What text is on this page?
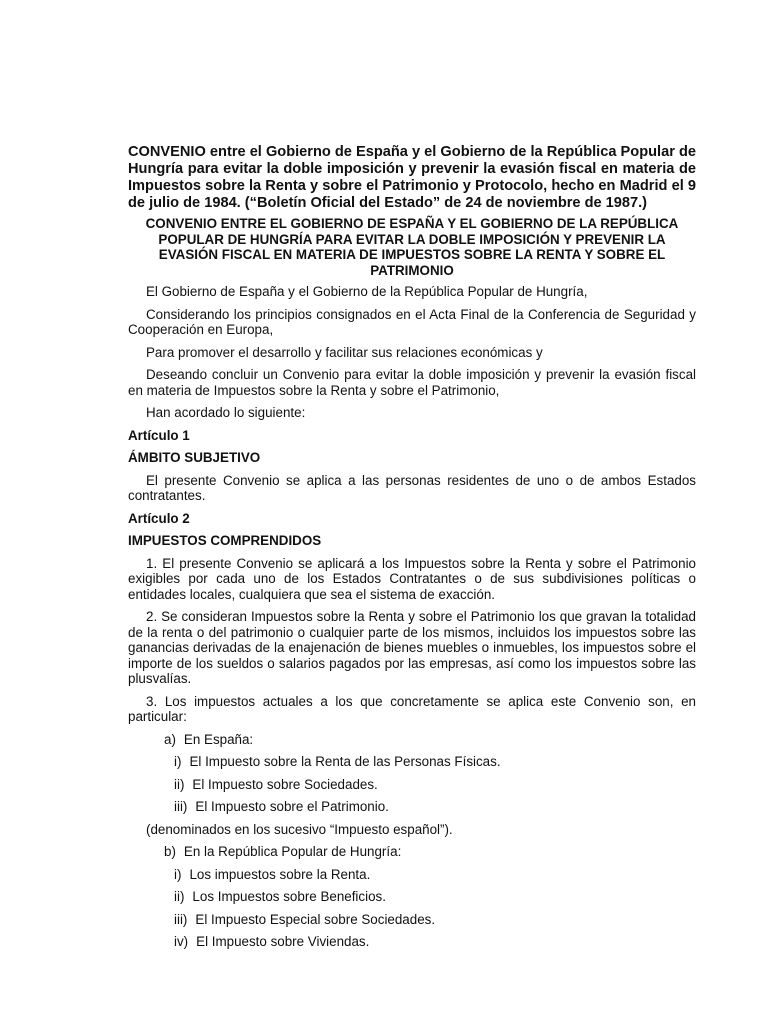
CONVENIO entre el Gobierno de España y el Gobierno de la República Popular de Hungría para evitar la doble imposición y prevenir la evasión fiscal en materia de Impuestos sobre la Renta y sobre el Patrimonio y Protocolo, hecho en Madrid el 9 de julio de 1984. (“Boletín Oficial del Estado” de 24 de noviembre de 1987.)
CONVENIO ENTRE EL GOBIERNO DE ESPAÑA Y EL GOBIERNO DE LA REPÚBLICA POPULAR DE HUNGRÍA PARA EVITAR LA DOBLE IMPOSICIÓN Y PREVENIR LA EVASIÓN FISCAL EN MATERIA DE IMPUESTOS SOBRE LA RENTA Y SOBRE EL PATRIMONIO

El Gobierno de España y el Gobierno de la República Popular de Hungría,

Considerando los principios consignados en el Acta Final de la Conferencia de Seguridad y Cooperación en Europa,

Para promover el desarrollo y facilitar sus relaciones económicas y

Deseando concluir un Convenio para evitar la doble imposición y prevenir la evasión fiscal en materia de Impuestos sobre la Renta y sobre el Patrimonio,

Han acordado lo siguiente:

Artículo 1

ÁMBITO SUBJETIVO

El presente Convenio se aplica a las personas residentes de uno o de ambos Estados contratantes.

Artículo 2

IMPUESTOS COMPRENDIDOS

1. El presente Convenio se aplicará a los Impuestos sobre la Renta y sobre el Patrimonio exigibles por cada uno de los Estados Contratantes o de sus subdivisiones políticas o entidades locales, cualquiera que sea el sistema de exacción.

2. Se consideran Impuestos sobre la Renta y sobre el Patrimonio los que gravan la totalidad de la renta o del patrimonio o cualquier parte de los mismos, incluidos los impuestos sobre las ganancias derivadas de la enajenación de bienes muebles o inmuebles, los impuestos sobre el importe de los sueldos o salarios pagados por las empresas, así como los impuestos sobre las plusvalías.

3. Los impuestos actuales a los que concretamente se aplica este Convenio son, en particular:

a) En España:

i) El Impuesto sobre la Renta de las Personas Físicas.

ii) El Impuesto sobre Sociedades.

iii) El Impuesto sobre el Patrimonio.

(denominados en los sucesivo “Impuesto español”).

b) En la República Popular de Hungría:

i) Los impuestos sobre la Renta.

ii) Los Impuestos sobre Beneficios.

iii) El Impuesto Especial sobre Sociedades.

iv) El Impuesto sobre Viviendas.
